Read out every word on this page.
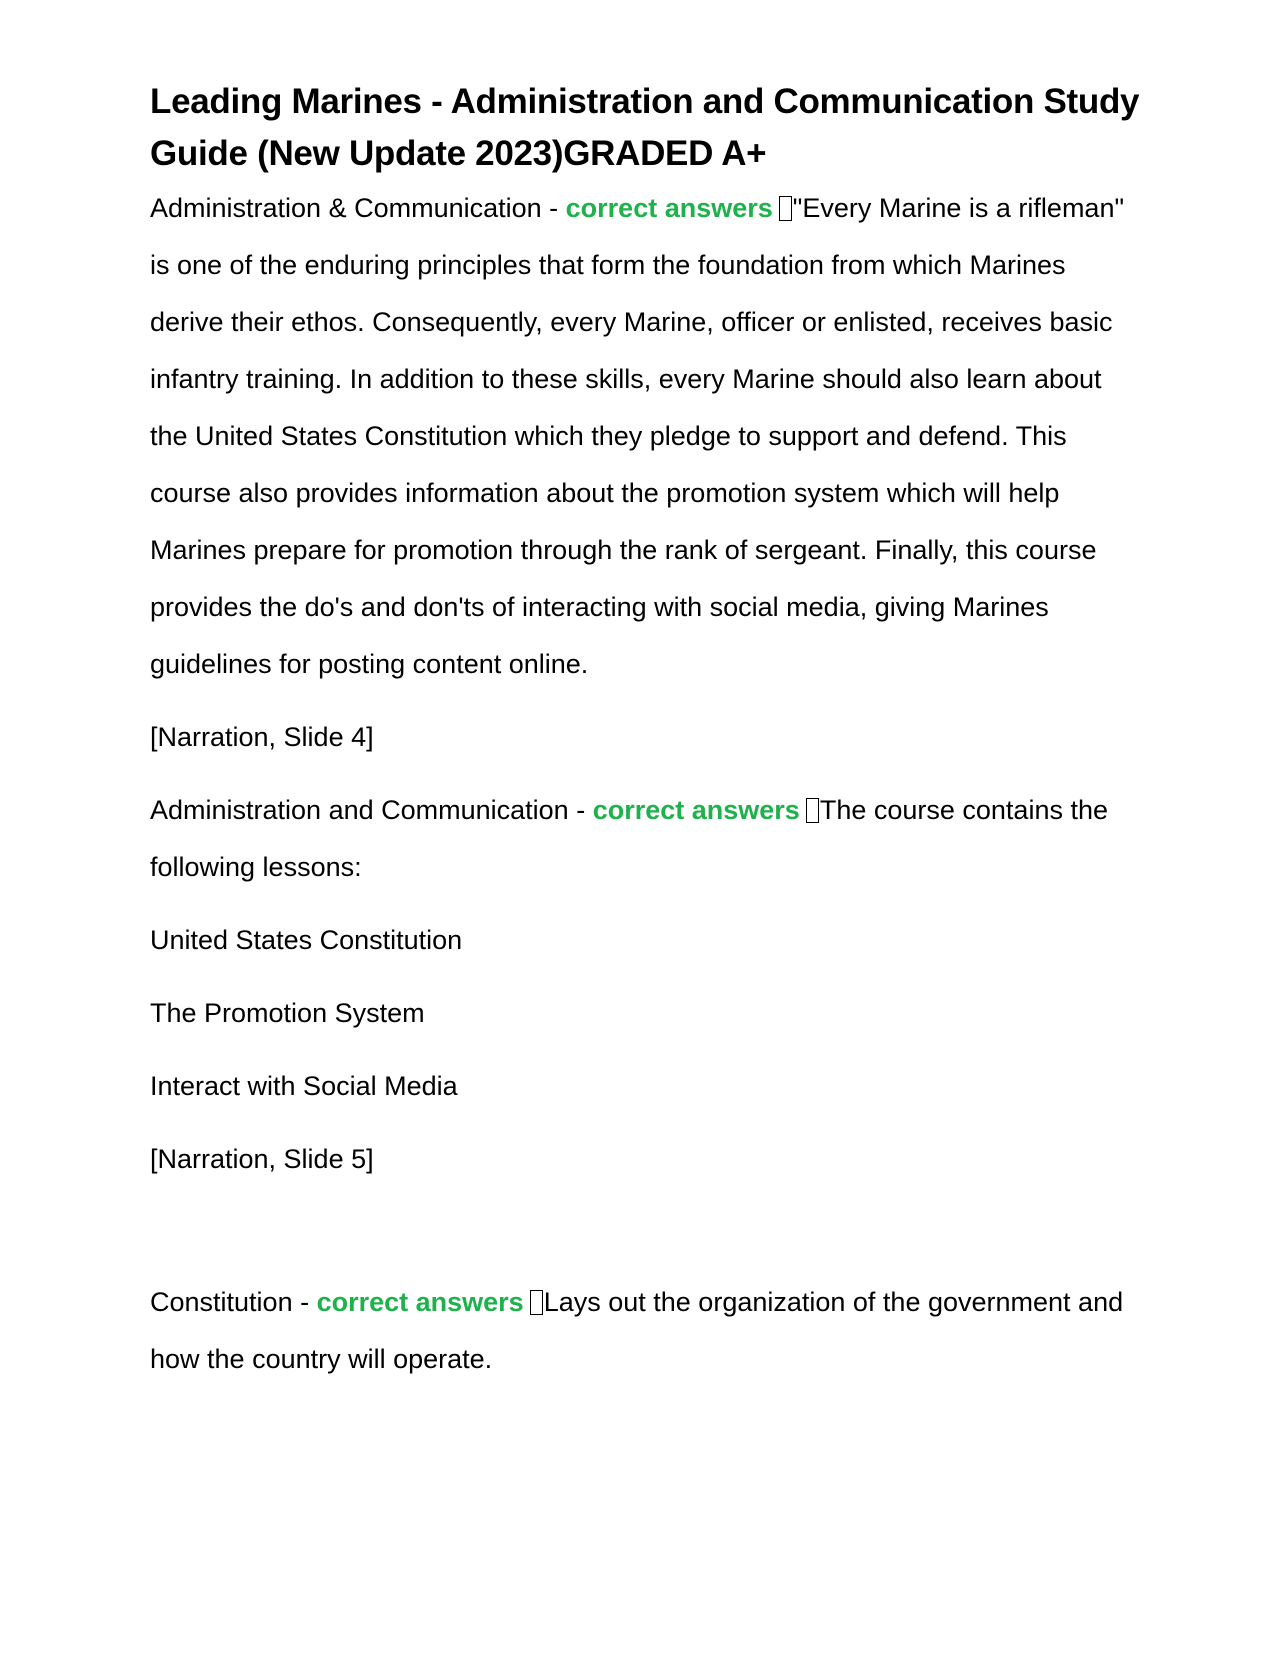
Leading Marines - Administration and Communication Study Guide (New Update 2023)GRADED A+

Administration & Communication - correct answers "Every Marine is a rifleman" is one of the enduring principles that form the foundation from which Marines derive their ethos. Consequently, every Marine, officer or enlisted, receives basic infantry training. In addition to these skills, every Marine should also learn about the United States Constitution which they pledge to support and defend. This course also provides information about the promotion system which will help Marines prepare for promotion through the rank of sergeant. Finally, this course provides the do's and don'ts of interacting with social media, giving Marines guidelines for posting content online.

[Narration, Slide 4]

Administration and Communication - correct answers The course contains the following lessons:

United States Constitution

The Promotion System

Interact with Social Media

[Narration, Slide 5]

Constitution - correct answers Lays out the organization of the government and how the country will operate.
